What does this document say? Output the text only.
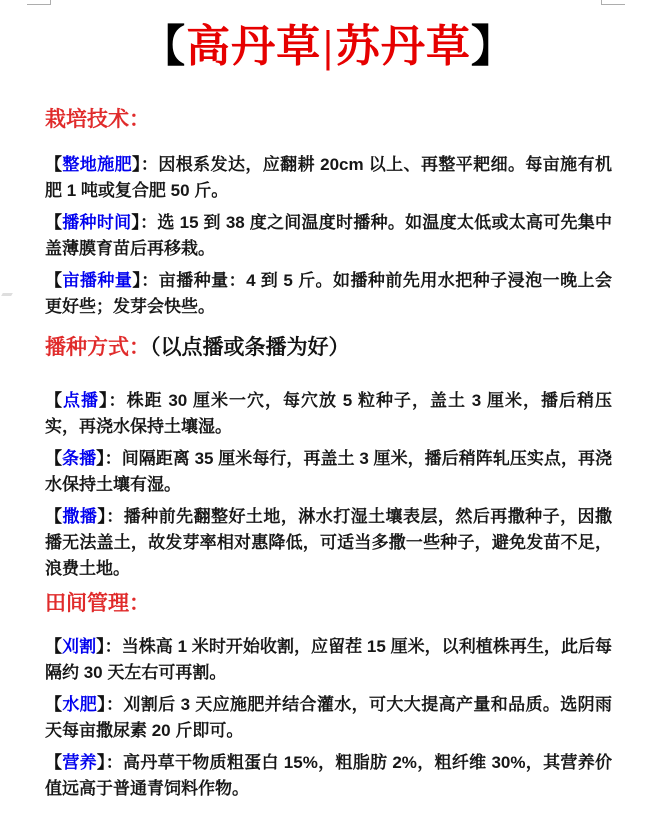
【高丹草|苏丹草】
栽培技术：

【整地施肥】：因根系发达，应翻耕 20cm 以上、再整平耙细。每亩施有机肥 1 吨或复合肥 50 斤。

【播种时间】：选 15 到 38 度之间温度时播种。如温度太低或太高可先集中盖薄膜育苗后再移栽。

【亩播种量】：亩播种量：4 到 5 斤。如播种前先用水把种子浸泡一晚上会更好些；发芽会快些。

播种方式：（以点播或条播为好）

【点播】：株距 30 厘米一穴，每穴放 5 粒种子，盖土 3 厘米，播后稍压实，再浇水保持土壤湿。

【条播】：间隔距离 35 厘米每行，再盖土 3 厘米，播后稍阵轧压实点，再浇水保持土壤有湿。

【撒播】：播种前先翻整好土地，淋水打湿土壤表层，然后再撒种子，因撒播无法盖土，故发芽率相对惠降低，可适当多撒一些种子，避免发苗不足，浪费土地。

田间管理：

【刈割】：当株高 1 米时开始收割，应留茬 15 厘米，以利植株再生，此后每隔约 30 天左右可再割。

【水肥】：刈割后 3 天应施肥并结合灌水，可大大提高产量和品质。选阴雨天每亩撒尿素 20 斤即可。

【营养】：高丹草干物质粗蛋白 15%，粗脂肪 2%，粗纤维 30%，其营养价值远高于普通青饲料作物。
